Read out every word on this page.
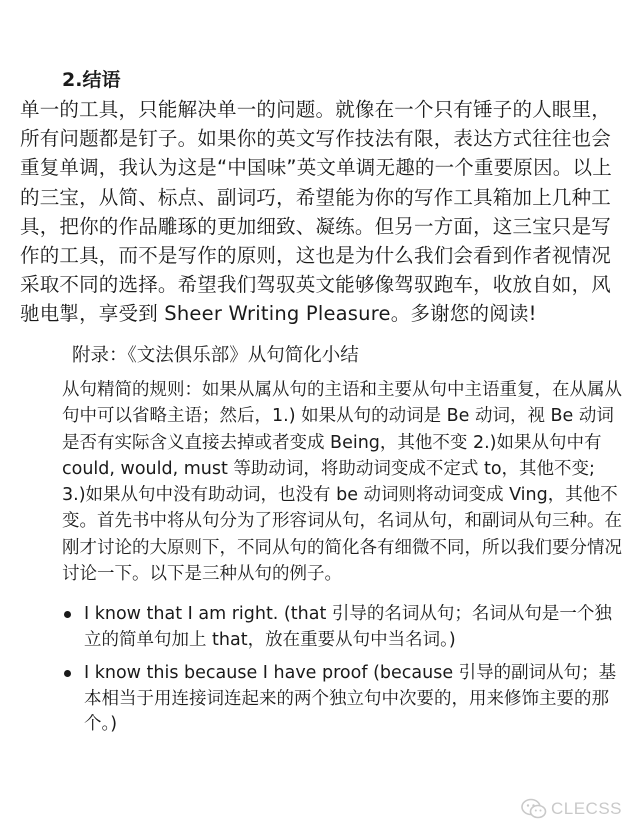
2.结语

单一的工具，只能解决单一的问题。就像在一个只有锤子的人眼里，所有问题都是钉子。如果你的英文写作技法有限，表达方式往往也会重复单调，我认为这是“中国味”英文单调无趣的一个重要原因。以上的三宝，从简、标点、副词巧，希望能为你的写作工具箱加上几种工具，把你的作品雕琢的更加细致、凝练。但另一方面，这三宝只是写作的工具，而不是写作的原则，这也是为什么我们会看到作者视情况采取不同的选择。希望我们驾驭英文能够像驾驭跑车，收放自如，风驰电掣，享受到 Sheer Writing Pleasure。多谢您的阅读!

附录：《文法俱乐部》从句简化小结

从句精简的规则：如果从属从句的主语和主要从句中主语重复，在从属从句中可以省略主语；然后，1.) 如果从句的动词是 Be 动词，视 Be 动词是否有实际含义直接去掉或者变成 Being，其他不变 2.)如果从句中有 could, would, must 等助动词，将助动词变成不定式 to，其他不变; 3.)如果从句中没有助动词，也没有 be 动词则将动词变成 Ving，其他不变。首先书中将从句分为了形容词从句，名词从句，和副词从句三种。在刚才讨论的大原则下，不同从句的简化各有细微不同，所以我们要分情况讨论一下。以下是三种从句的例子。

I know that I am right. (that 引导的名词从句；名词从句是一个独立的简单句加上 that，放在重要从句中当名词。)
I know this because I have proof (because 引导的副词从句；基本相当于用连接词连起来的两个独立句中次要的，用来修饰主要的那个。)
CLECSS
